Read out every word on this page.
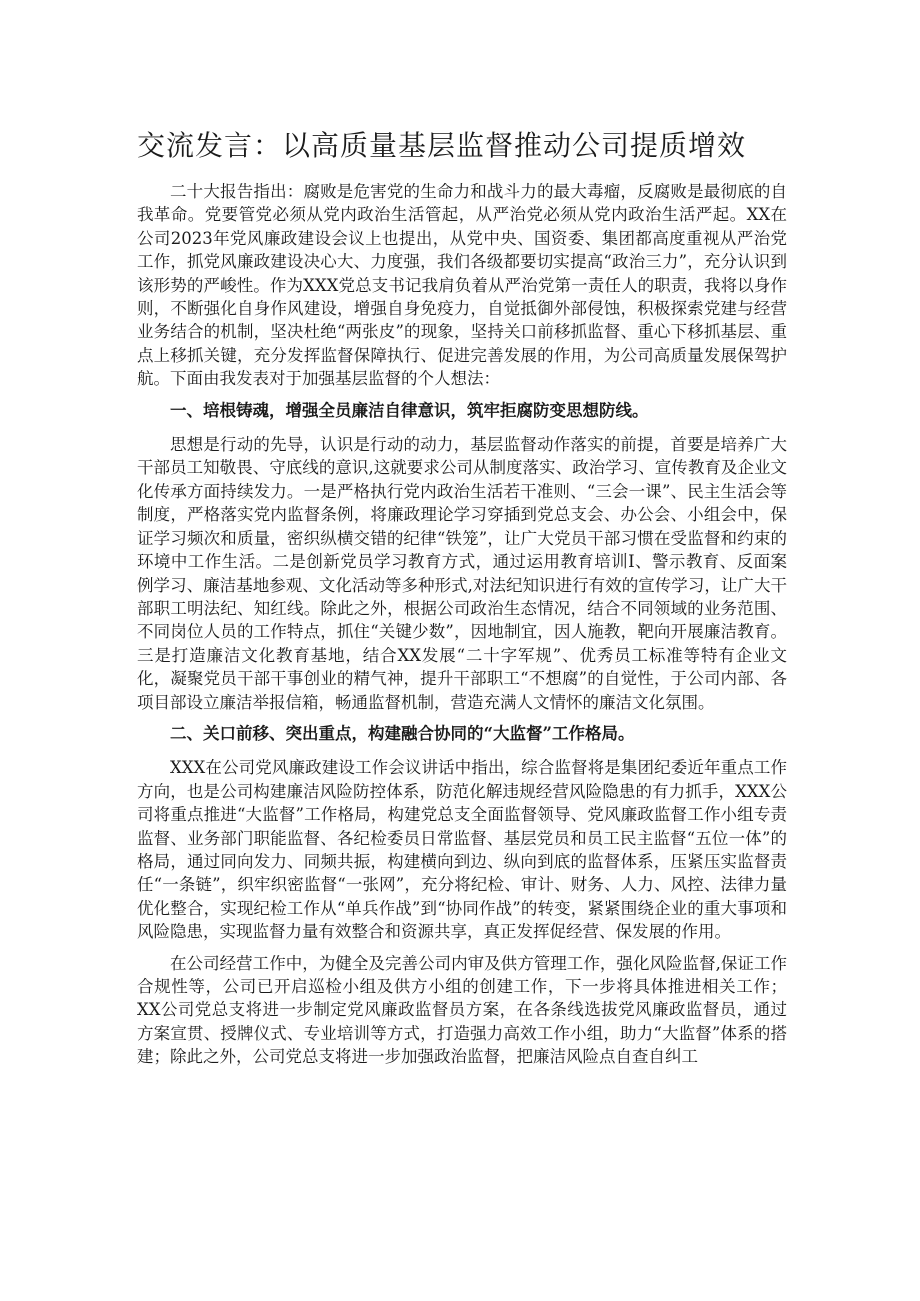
交流发言：以高质量基层监督推动公司提质增效

二十大报告指出：腐败是危害党的生命力和战斗力的最大毒瘤，反腐败是最彻底的自我革命。党要管党必须从党内政治生活管起，从严治党必须从党内政治生活严起。XX在公司2023年党风廉政建设会议上也提出，从党中央、国资委、集团都高度重视从严治党工作，抓党风廉政建设决心大、力度强，我们各级都要切实提高“政治三力”，充分认识到该形势的严峻性。作为XXX党总支书记我肩负着从严治党第一责任人的职责，我将以身作则，不断强化自身作风建设，增强自身免疫力，自觉抵御外部侵蚀，积极探索党建与经营业务结合的机制，坚决杜绝“两张皮”的现象，坚持关口前移抓监督、重心下移抓基层、重点上移抓关键，充分发挥监督保障执行、促进完善发展的作用，为公司高质量发展保驾护航。下面由我发表对于加强基层监督的个人想法：

一、培根铸魂，增强全员廉洁自律意识，筑牢拒腐防变思想防线。

思想是行动的先导，认识是行动的动力，基层监督动作落实的前提，首要是培养广大干部员工知敬畏、守底线的意识,这就要求公司从制度落实、政治学习、宣传教育及企业文化传承方面持续发力。一是严格执行党内政治生活若干准则、“三会一课”、民主生活会等制度，严格落实党内监督条例，将廉政理论学习穿插到党总支会、办公会、小组会中，保证学习频次和质量，密织纵横交错的纪律“铁笼”，让广大党员干部习惯在受监督和约束的环境中工作生活。二是创新党员学习教育方式，通过运用教育培训I、警示教育、反面案例学习、廉洁基地参观、文化活动等多种形式,对法纪知识进行有效的宣传学习，让广大干部职工明法纪、知红线。除此之外，根据公司政治生态情况，结合不同领域的业务范围、不同岗位人员的工作特点，抓住“关键少数”，因地制宜，因人施教，靶向开展廉洁教育。三是打造廉洁文化教育基地，结合XX发展“二十字军规”、优秀员工标准等特有企业文化，凝聚党员干部干事创业的精气神，提升干部职工“不想腐”的自觉性，于公司内部、各项目部设立廉洁举报信箱，畅通监督机制，营造充满人文情怀的廉洁文化氛围。

二、关口前移、突出重点，构建融合协同的“大监督”工作格局。

XXX在公司党风廉政建设工作会议讲话中指出，综合监督将是集团纪委近年重点工作方向，也是公司构建廉洁风险防控体系，防范化解违规经营风险隐患的有力抓手，XXX公司将重点推进“大监督”工作格局，构建党总支全面监督领导、党风廉政监督工作小组专责监督、业务部门职能监督、各纪检委员日常监督、基层党员和员工民主监督“五位一体”的格局，通过同向发力、同频共振，构建横向到边、纵向到底的监督体系，压紧压实监督责任“一条链”，织牢织密监督“一张网”，充分将纪检、审计、财务、人力、风控、法律力量优化整合，实现纪检工作从“单兵作战”到“协同作战”的转变，紧紧围绕企业的重大事项和风险隐患，实现监督力量有效整合和资源共享，真正发挥促经营、保发展的作用。

在公司经营工作中，为健全及完善公司内审及供方管理工作，强化风险监督,保证工作合规性等，公司已开启巡检小组及供方小组的创建工作，下一步将具体推进相关工作；XX公司党总支将进一步制定党风廉政监督员方案，在各条线选拔党风廉政监督员，通过方案宣贯、授牌仪式、专业培训等方式，打造强力高效工作小组，助力“大监督”体系的搭建；除此之外，公司党总支将进一步加强政治监督，把廉洁风险点自查自纠工
